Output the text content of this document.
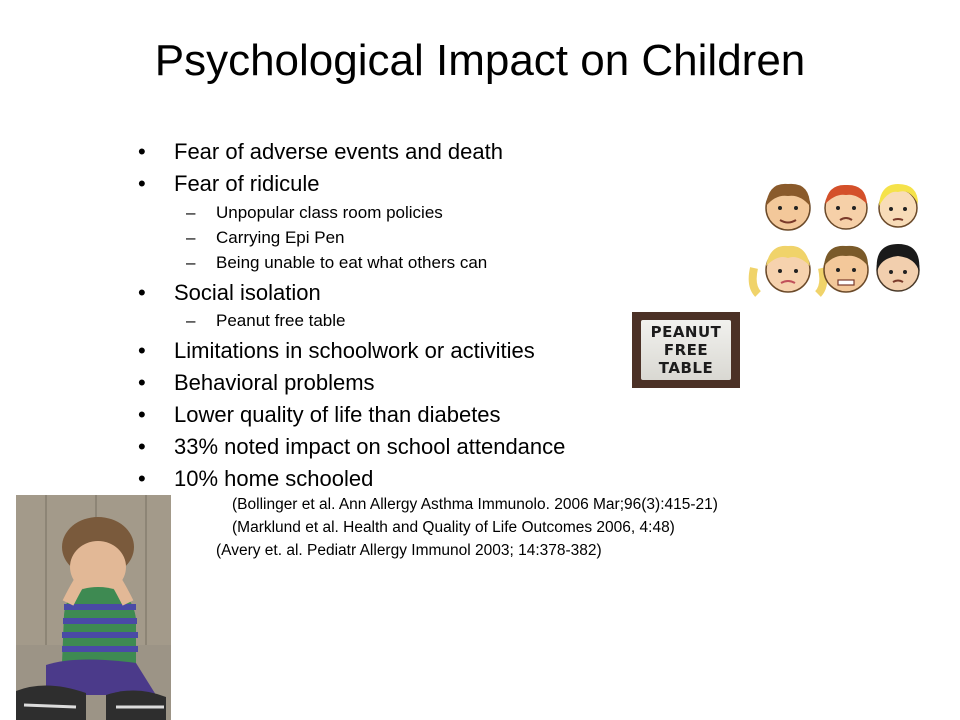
Psychological Impact on Children
• Fear of adverse events and death
• Fear of ridicule
– Unpopular class room policies
– Carrying Epi Pen
– Being unable to eat what others can
• Social isolation
– Peanut free table
• Limitations in schoolwork or activities
• Behavioral problems
• Lower quality of life than diabetes
• 33% noted impact on school attendance
• 10% home schooled
(Bollinger et al. Ann Allergy Asthma Immunolo. 2006 Mar;96(3):415-21)
(Marklund et al. Health and Quality of Life Outcomes 2006, 4:48)
(Avery et. al. Pediatr Allergy Immunol 2003; 14:378-382)
PEANUT
FREE
TABLE
